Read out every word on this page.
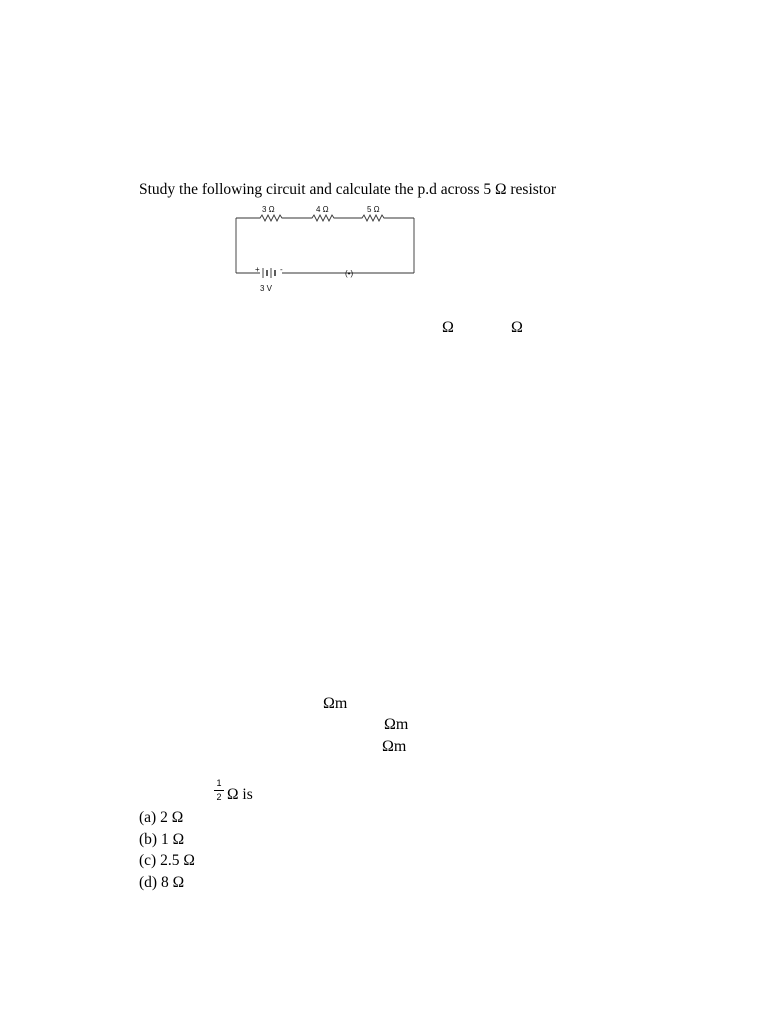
Study the following circuit and calculate the p.d across 5 Ω resistor
3 Ω	4 Ω	5 Ω
+	-
3 V
(•)
Ω	Ω
Ωm
Ωm
Ωm
1
2 Ω is
(a) 2 Ω
(b) 1 Ω
(c) 2.5 Ω
(d) 8 Ω
